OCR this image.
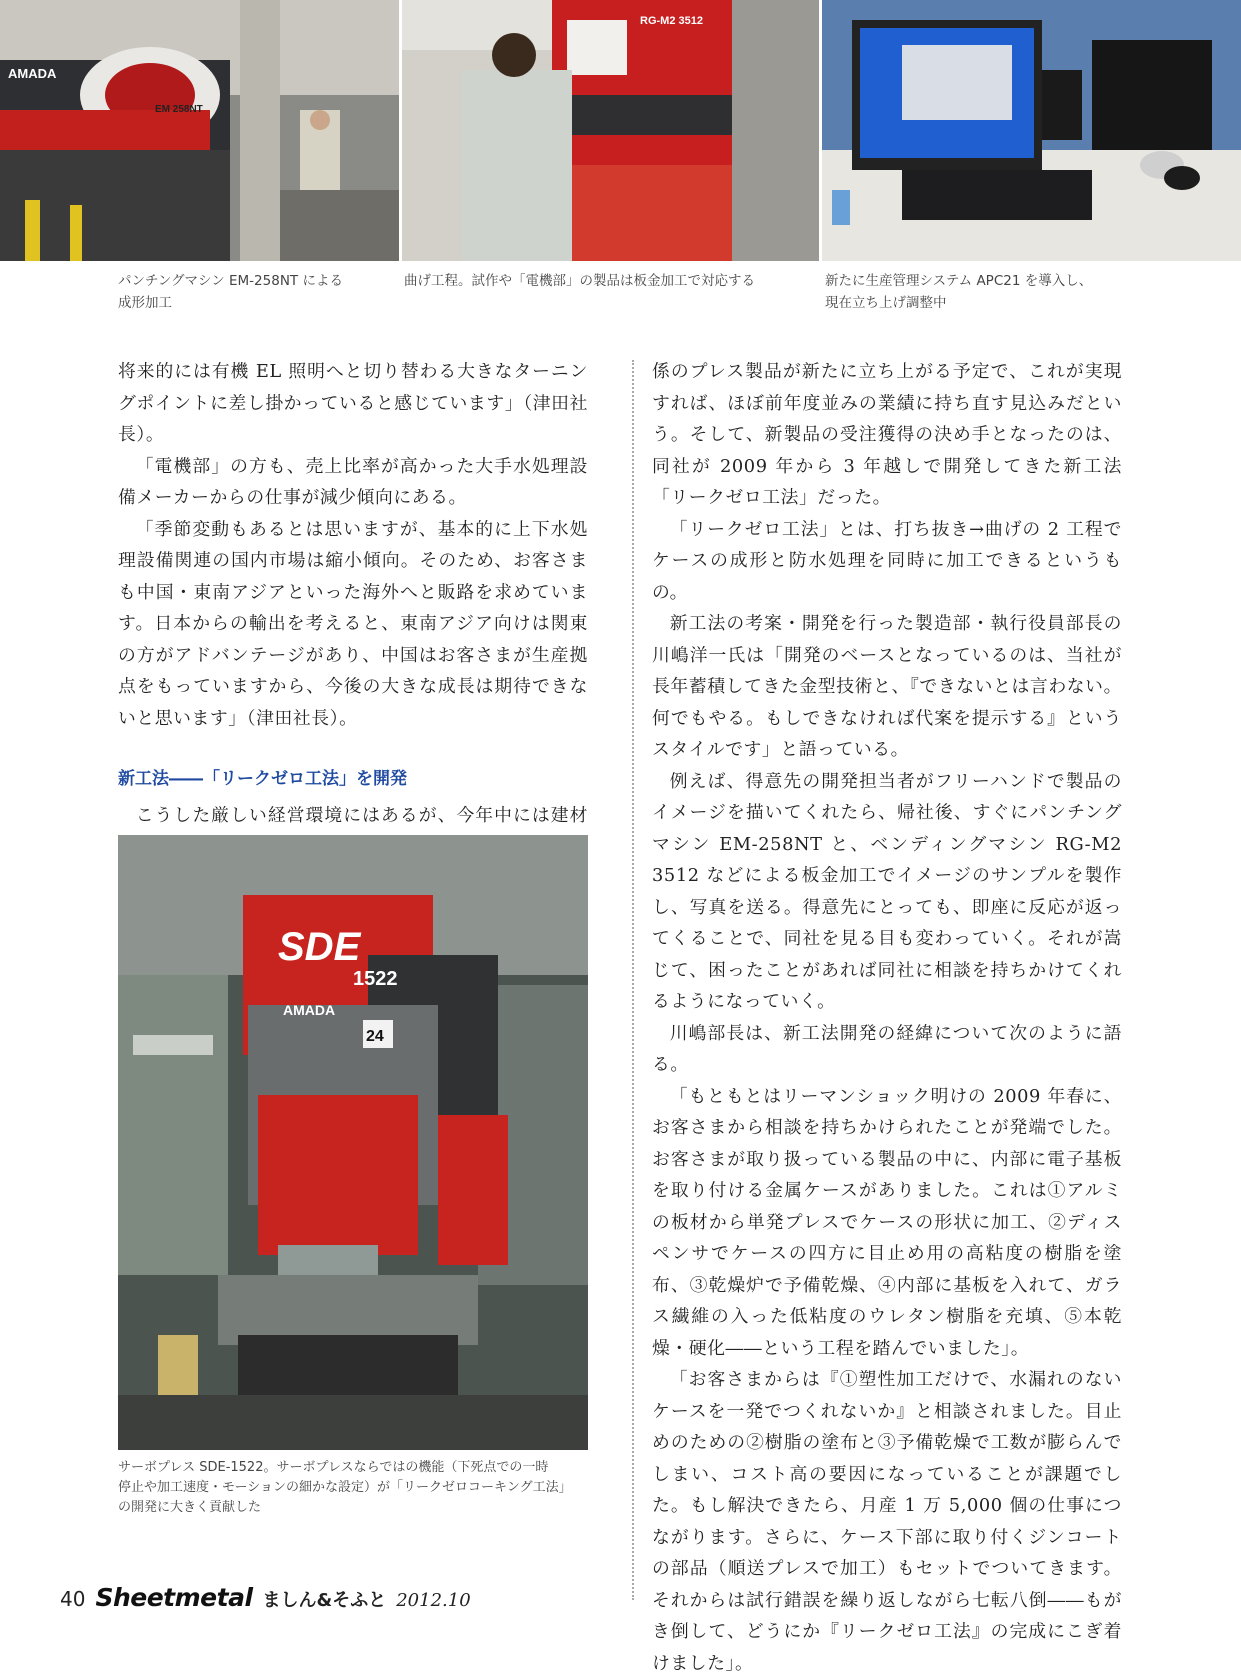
AMADA
EM 258NT
RG-M2 3512
パンチングマシン EM-258NT による
成形加工
曲げ工程。試作や「電機部」の製品は板金加工で対応する	新たに生産管理システム APC21 を導入し、
現在立ち上げ調整中

将来的には有機 EL 照明へと切り替わる大きなターニングポイントに差し掛かっていると感じています」（津田社長）。

「電機部」の方も、売上比率が高かった大手水処理設備メーカーからの仕事が減少傾向にある。

「季節変動もあるとは思いますが、基本的に上下水処理設備関連の国内市場は縮小傾向。そのため、お客さまも中国・東南アジアといった海外へと販路を求めています。日本からの輸出を考えると、東南アジア向けは関東の方がアドバンテージがあり、中国はお客さまが生産拠点をもっていますから、今後の大きな成長は期待できないと思います」（津田社長）。

新工法――「リークゼロ工法」を開発

こうした厳しい経営環境にはあるが、今年中には建材

SDE
1522
AMADA
24
サーボプレス SDE-1522。サーボプレスならではの機能（下死点での一時
停止や加工速度・モーションの細かな設定）が「リークゼロコーキング工法」
の開発に大きく貢献した

係のプレス製品が新たに立ち上がる予定で、これが実現すれば、ほぼ前年度並みの業績に持ち直す見込みだという。そして、新製品の受注獲得の決め手となったのは、同社が 2009 年から 3 年越しで開発してきた新工法「リークゼロ工法」だった。

「リークゼロ工法」とは、打ち抜き→曲げの 2 工程でケースの成形と防水処理を同時に加工できるというもの。

新工法の考案・開発を行った製造部・執行役員部長の川嶋洋一氏は「開発のベースとなっているのは、当社が長年蓄積してきた金型技術と、『できないとは言わない。何でもやる。もしできなければ代案を提示する』というスタイルです」と語っている。

例えば、得意先の開発担当者がフリーハンドで製品のイメージを描いてくれたら、帰社後、すぐにパンチングマシン EM-258NT と、ベンディングマシン RG-M2 3512 などによる板金加工でイメージのサンプルを製作し、写真を送る。得意先にとっても、即座に反応が返ってくることで、同社を見る目も変わっていく。それが嵩じて、困ったことがあれば同社に相談を持ちかけてくれるようになっていく。

川嶋部長は、新工法開発の経緯について次のように語る。

「もともとはリーマンショック明けの 2009 年春に、お客さまから相談を持ちかけられたことが発端でした。お客さまが取り扱っている製品の中に、内部に電子基板を取り付ける金属ケースがありました。これは①アルミの板材から単発プレスでケースの形状に加工、②ディスペンサでケースの四方に目止め用の高粘度の樹脂を塗布、③乾燥炉で予備乾燥、④内部に基板を入れて、ガラス繊維の入った低粘度のウレタン樹脂を充填、⑤本乾燥・硬化――という工程を踏んでいました」。

「お客さまからは『①塑性加工だけで、水漏れのないケースを一発でつくれないか』と相談されました。目止めのための②樹脂の塗布と③予備乾燥で工数が膨らんでしまい、コスト高の要因になっていることが課題でした。もし解決できたら、月産 1 万 5,000 個の仕事につながります。さらに、ケース下部に取り付くジンコートの部品（順送プレスで加工）もセットでついてきます。それからは試行錯誤を繰り返しながら七転八倒――もがき倒して、どうにか『リークゼロ工法』の完成にこぎ着けました」。

40 Sheetmetal ましん&そふと 2012.10
